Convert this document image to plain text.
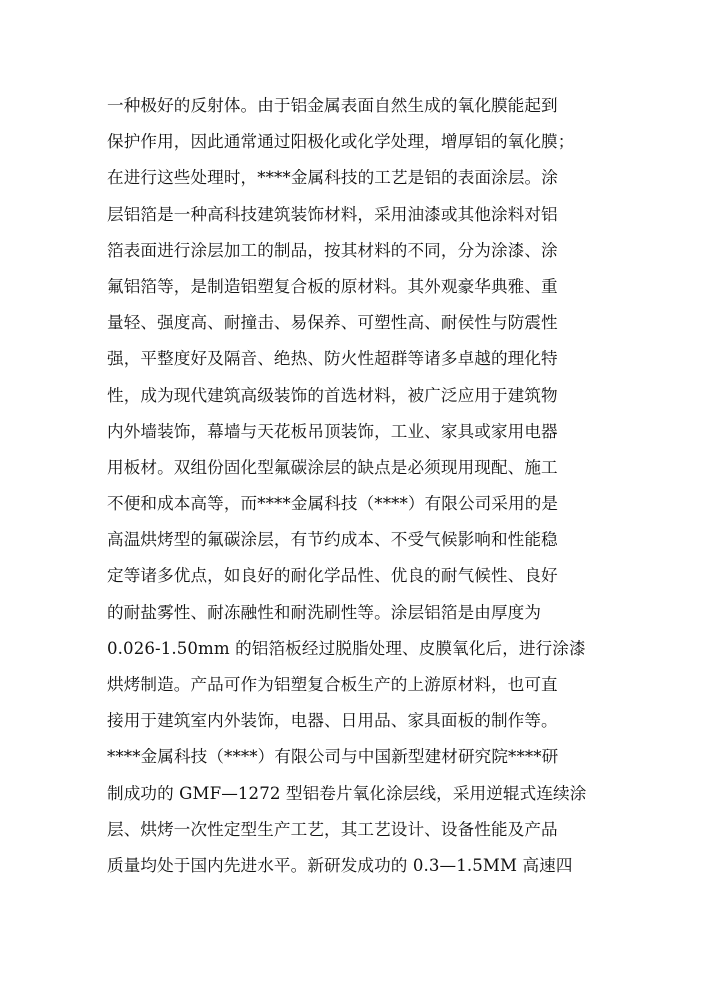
一种极好的反射体。由于铝金属表面自然生成的氧化膜能起到
保护作用，因此通常通过阳极化或化学处理，增厚铝的氧化膜；
在进行这些处理时，****金属科技的工艺是铝的表面涂层。涂
层铝箔是一种高科技建筑装饰材料，采用油漆或其他涂料对铝
箔表面进行涂层加工的制品，按其材料的不同，分为涂漆、涂
氟铝箔等，是制造铝塑复合板的原材料。其外观豪华典雅、重
量轻、强度高、耐撞击、易保养、可塑性高、耐侯性与防震性
强，平整度好及隔音、绝热、防火性超群等诸多卓越的理化特
性，成为现代建筑高级装饰的首选材料，被广泛应用于建筑物
内外墙装饰，幕墙与天花板吊顶装饰，工业、家具或家用电器
用板材。双组份固化型氟碳涂层的缺点是必须现用现配、施工
不便和成本高等，而****金属科技（****）有限公司采用的是
高温烘烤型的氟碳涂层，有节约成本、不受气候影响和性能稳
定等诸多优点，如良好的耐化学品性、优良的耐气候性、良好
的耐盐雾性、耐冻融性和耐洗刷性等。涂层铝箔是由厚度为
0.026-1.50mm 的铝箔板经过脱脂处理、皮膜氧化后，进行涂漆
烘烤制造。产品可作为铝塑复合板生产的上游原材料，也可直
接用于建筑室内外装饰，电器、日用品、家具面板的制作等。
****金属科技（****）有限公司与中国新型建材研究院****研
制成功的 GMF—1272 型铝卷片氧化涂层线，采用逆辊式连续涂
层、烘烤一次性定型生产工艺，其工艺设计、设备性能及产品
质量均处于国内先进水平。新研发成功的 0.3—1.5MM 高速四
